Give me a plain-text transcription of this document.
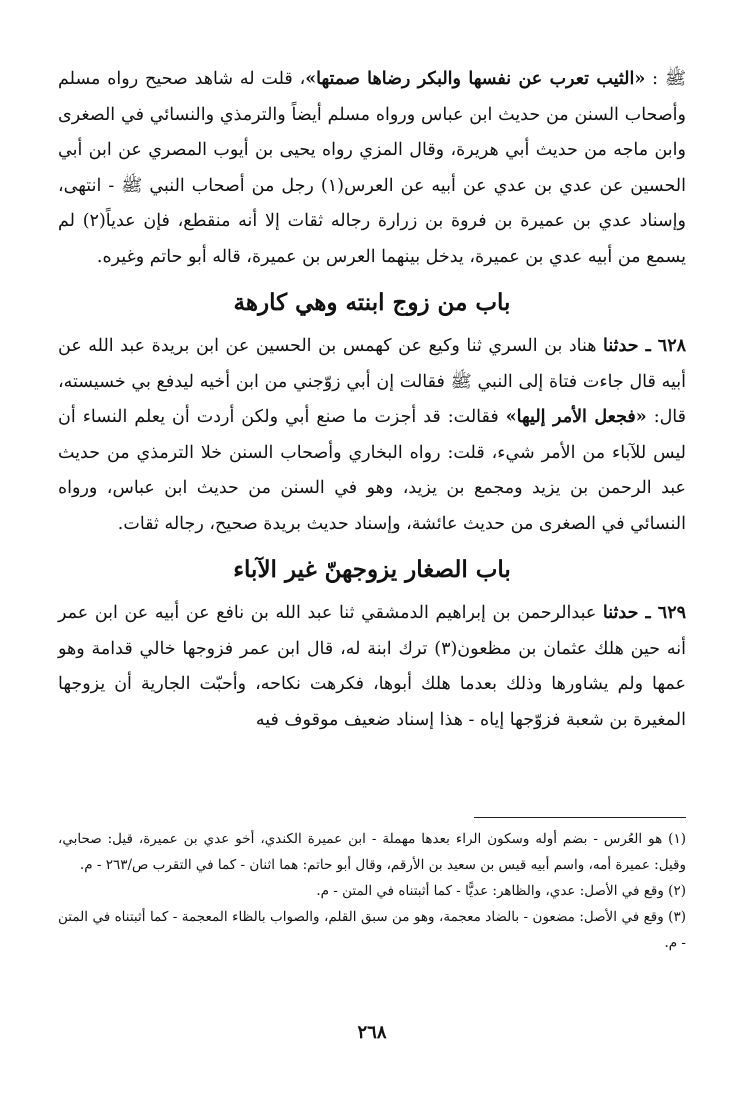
ﷺ : «الثيب تعرب عن نفسها والبكر رضاها صمتها»، قلت له شاهد صحيح رواه مسلم وأصحاب السنن من حديث ابن عباس ورواه مسلم أيضاً والترمذي والنسائي في الصغرى وابن ماجه من حديث أبي هريرة، وقال المزي رواه يحيى بن أيوب المصري عن ابن أبي الحسين عن عدي بن عدي عن أبيه عن العرس(١) رجل من أصحاب النبي ﷺ - انتهى، وإسناد عدي بن عميرة بن فروة بن زرارة رجاله ثقات إلا أنه منقطع، فإن عدياً(٢) لم يسمع من أبيه عدي بن عميرة، يدخل بينهما العرس بن عميرة، قاله أبو حاتم وغيره.

باب من زوج ابنته وهي كارهة

٦٢٨ ـ حدثنا هناد بن السري ثنا وكيع عن كهمس بن الحسين عن ابن بريدة عبد الله عن أبيه قال جاءت فتاة إلى النبي ﷺ فقالت إن أبي زوّجني من ابن أخيه ليدفع بي خسيسته، قال: «فجعل الأمر إليها» فقالت: قد أجزت ما صنع أبي ولكن أردت أن يعلم النساء أن ليس للآباء من الأمر شيء، قلت: رواه البخاري وأصحاب السنن خلا الترمذي من حديث عبد الرحمن بن يزيد ومجمع بن يزيد، وهو في السنن من حديث ابن عباس، ورواه النسائي في الصغرى من حديث عائشة، وإسناد حديث بريدة صحيح، رجاله ثقات.

باب الصغار يزوجهنّ غير الآباء

٦٢٩ ـ حدثنا عبدالرحمن بن إبراهيم الدمشقي ثنا عبد الله بن نافع عن أبيه عن ابن عمر أنه حين هلك عثمان بن مظعون(٣) ترك ابنة له، قال ابن عمر فزوجها خالي قدامة وهو عمها ولم يشاورها وذلك بعدما هلك أبوها، فكرهت نكاحه، وأحبّت الجارية أن يزوجها المغيرة بن شعبة فزوّجها إياه - هذا إسناد ضعيف موقوف فيه

(١) هو العُرس - بضم أوله وسكون الراء بعدها مهملة - ابن عميرة الكندي، أخو عدي بن عميرة، قيل: صحابي، وقيل: عميرة أمه، واسم أبيه قيس بن سعيد بن الأرقم، وقال أبو حاتم: هما اثنان - كما في التقرب ص/٢٦٣ - م.

(٢) وقع في الأصل: عدي، والظاهر: عديًّا - كما أثبتناه في المتن - م.

(٣) وقع في الأصل: مضعون - بالضاد معجمة، وهو من سبق القلم، والصواب بالظاء المعجمة - كما أثبتناه في المتن - م.

٢٦٨
